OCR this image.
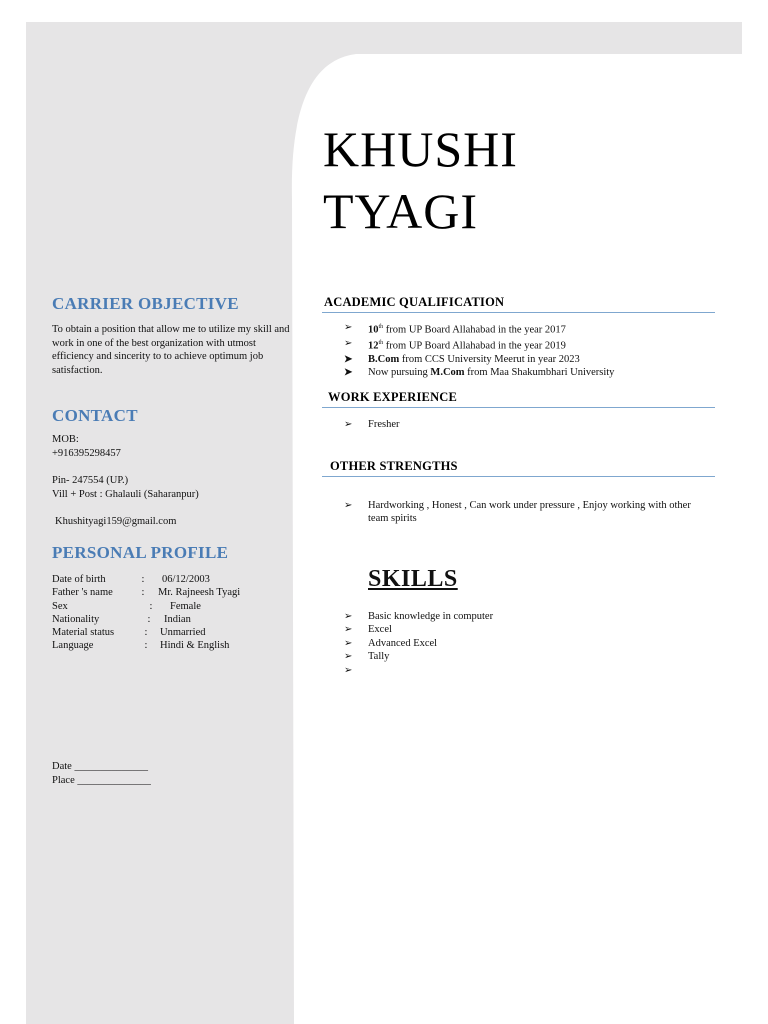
KHUSHI
TYAGI
CARRIER OBJECTIVE
To obtain a position that allow me to utilize my skill and work in one of the best organization with utmost efficiency and sincerity to to achieve optimum job satisfaction.
CONTACT
MOB:
+916395298457
Pin- 247554 (UP.)
Vill + Post : Ghalauli (Saharanpur)
Khushityagi159@gmail.com
PERSONAL PROFILE
Date of birth	:	06/12/2003
Father 's name	:	Mr. Rajneesh Tyagi
Sex	:	Female
Nationality	:	Indian
Material status	:	Unmarried
Language	:	Hindi & English
Date ______________
Place ______________
ACADEMIC QUALIFICATION
➢ 10th from UP Board Allahabad in the year 2017
➢ 12th from UP Board Allahabad in the year 2019
➤ B.Com from CCS University Meerut in year 2023
➤ Now pursuing M.Com from Maa Shakumbhari University
WORK EXPERIENCE
➢ Fresher
OTHER STRENGTHS
➢ Hardworking , Honest , Can work under pressure , Enjoy working with other team spirits
SKILLS
➢ Basic knowledge in computer
➢ Excel
➢ Advanced Excel
➢ Tally
➢
